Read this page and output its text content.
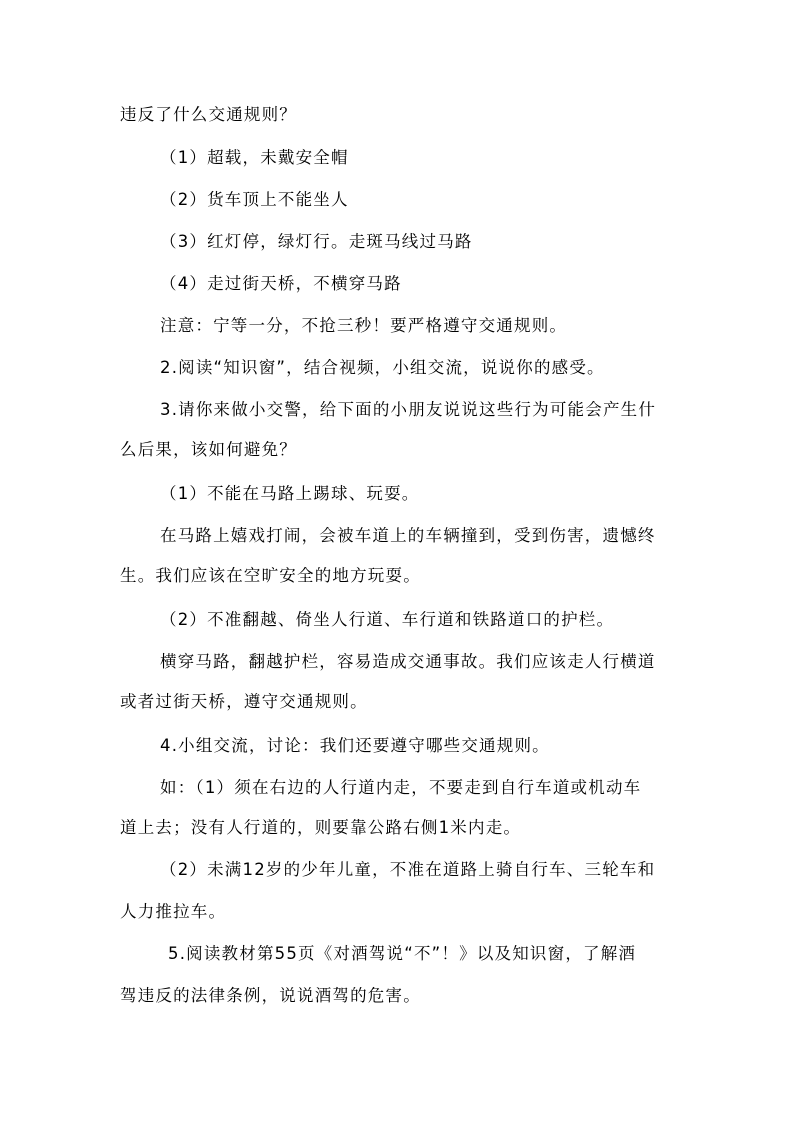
违反了什么交通规则？
（1）超载，未戴安全帽
（2）货车顶上不能坐人
（3）红灯停，绿灯行。走斑马线过马路
（4）走过街天桥，不横穿马路
注意：宁等一分，不抢三秒！要严格遵守交通规则。
2.阅读“知识窗”，结合视频，小组交流，说说你的感受。
3.请你来做小交警，给下面的小朋友说说这些行为可能会产生什
么后果，该如何避免？
（1）不能在马路上踢球、玩耍。
在马路上嬉戏打闹，会被车道上的车辆撞到，受到伤害，遗憾终
生。我们应该在空旷安全的地方玩耍。
（2）不准翻越、倚坐人行道、车行道和铁路道口的护栏。
横穿马路，翻越护栏，容易造成交通事故。我们应该走人行横道
或者过街天桥，遵守交通规则。
4.小组交流，讨论：我们还要遵守哪些交通规则。
如：（1）须在右边的人行道内走，不要走到自行车道或机动车
道上去；没有人行道的，则要靠公路右侧1米内走。
（2）未满12岁的少年儿童，不准在道路上骑自行车、三轮车和
人力推拉车。
5.阅读教材第55页《对酒驾说“不”！》以及知识窗，了解酒
驾违反的法律条例，说说酒驾的危害。
